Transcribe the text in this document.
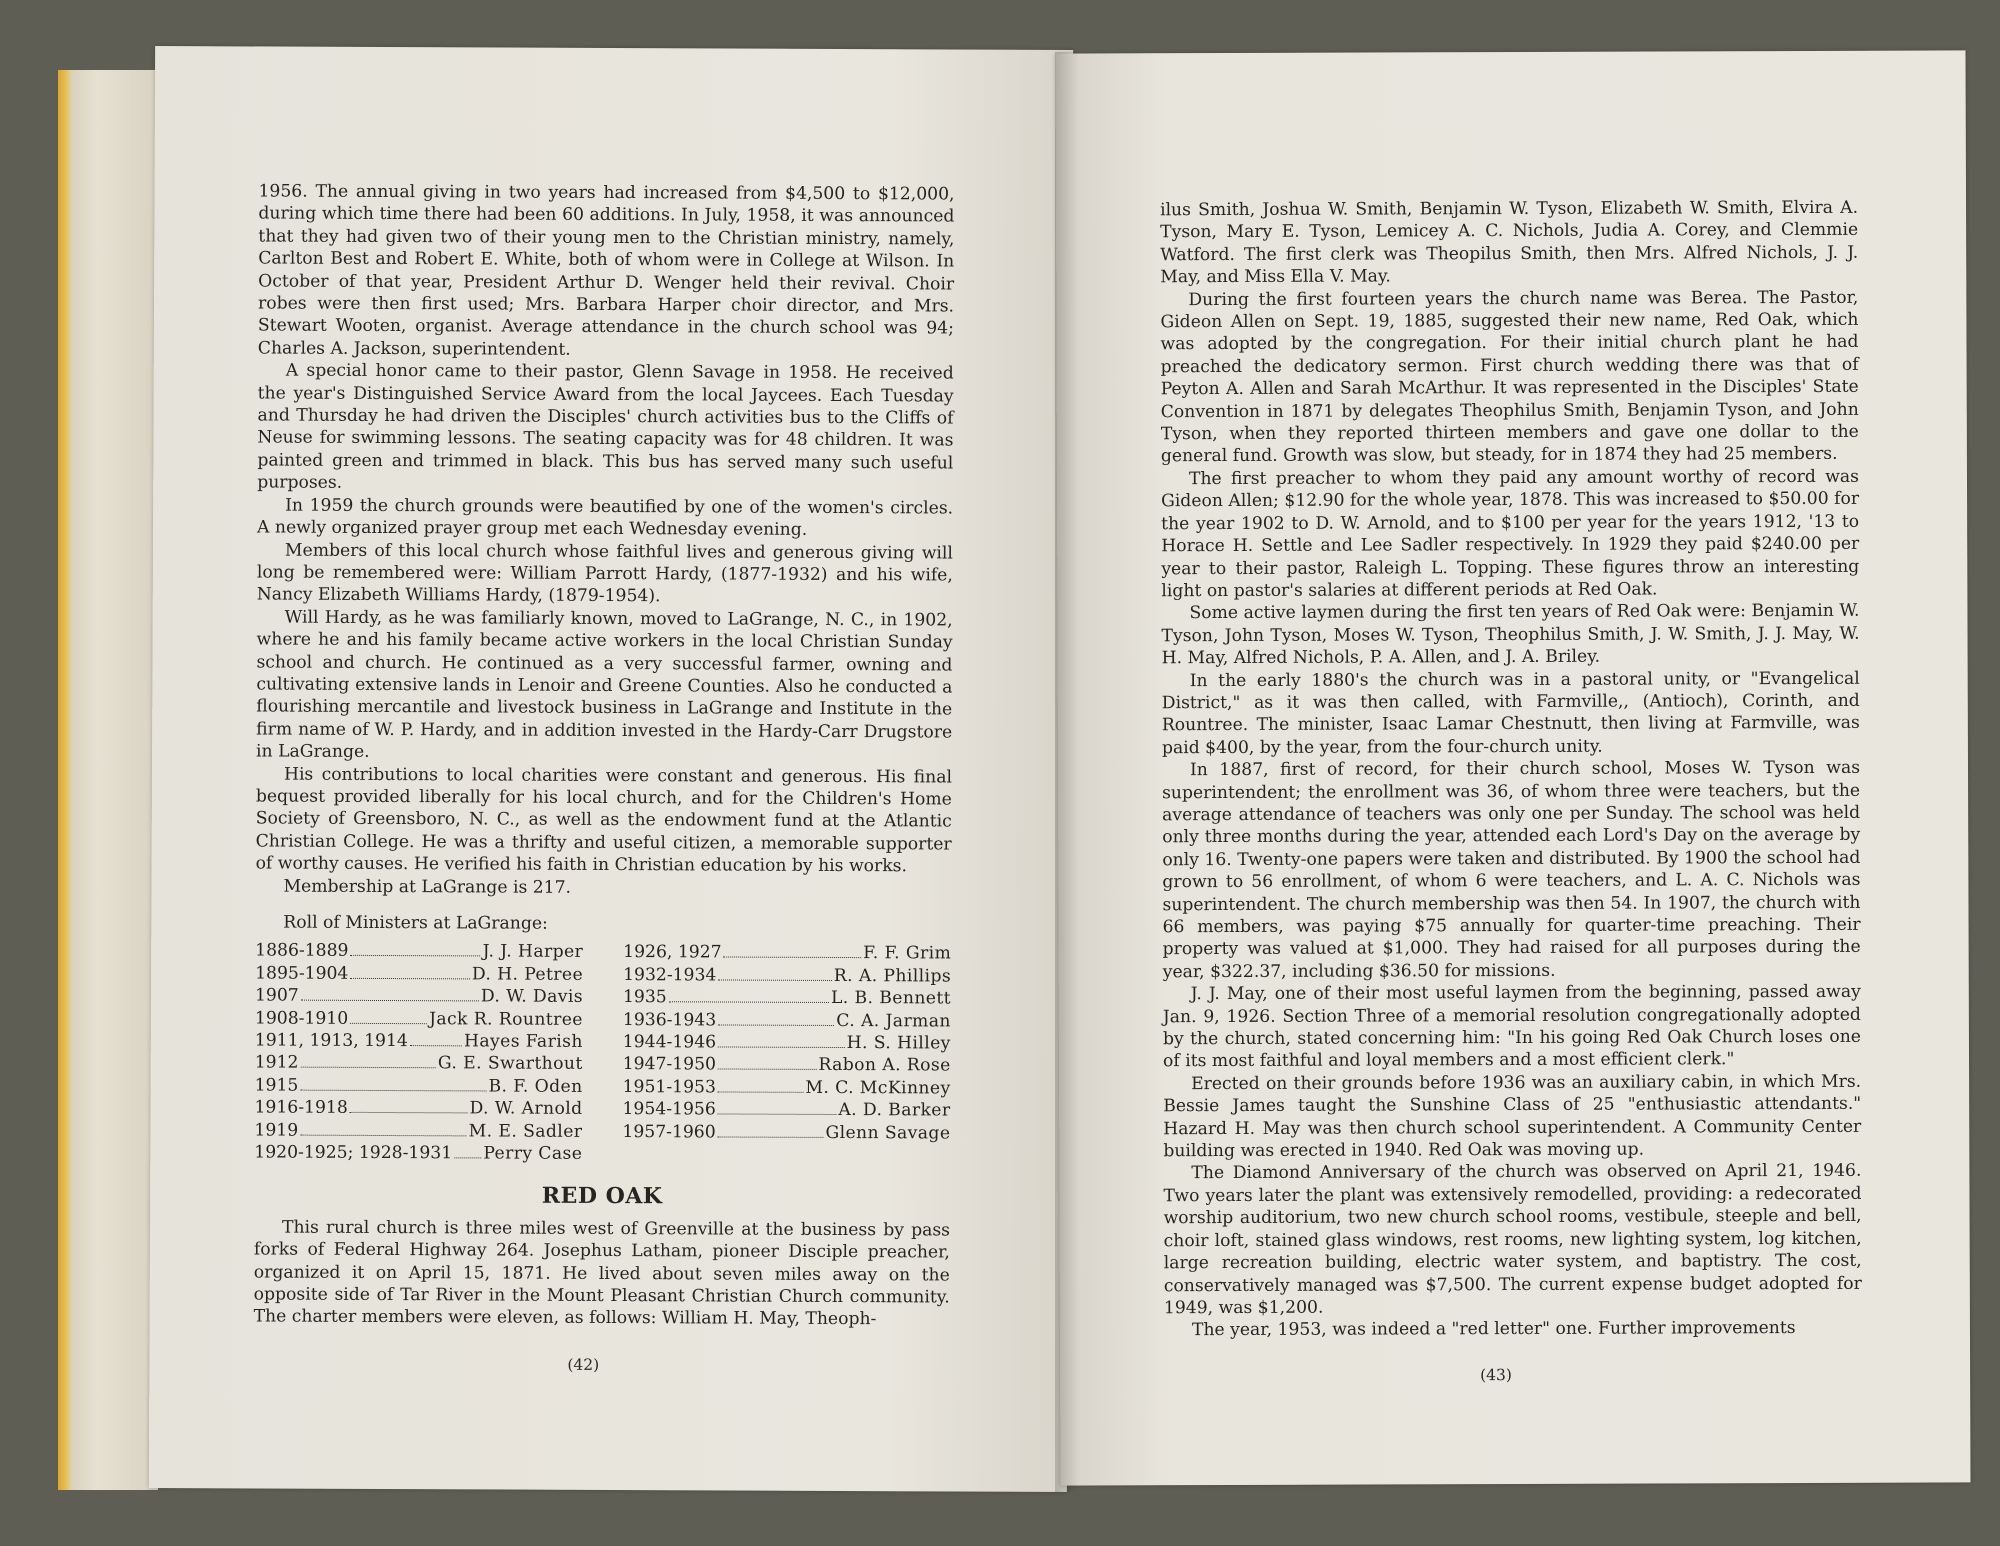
1956. The annual giving in two years had increased from $4,500 to $12,000, during which time there had been 60 additions. In July, 1958, it was announced that they had given two of their young men to the Christian ministry, namely, Carlton Best and Robert E. White, both of whom were in College at Wilson. In October of that year, President Arthur D. Wenger held their revival. Choir robes were then first used; Mrs. Barbara Harper choir director, and Mrs. Stewart Wooten, organist. Average attendance in the church school was 94; Charles A. Jackson, superintendent.

A special honor came to their pastor, Glenn Savage in 1958. He received the year's Distinguished Service Award from the local Jaycees. Each Tuesday and Thursday he had driven the Disciples' church activities bus to the Cliffs of Neuse for swimming lessons. The seating capacity was for 48 children. It was painted green and trimmed in black. This bus has served many such useful purposes.

In 1959 the church grounds were beautified by one of the women's circles. A newly organized prayer group met each Wednesday evening.

Members of this local church whose faithful lives and generous giving will long be remembered were: William Parrott Hardy, (1877-1932) and his wife, Nancy Elizabeth Williams Hardy, (1879-1954).

Will Hardy, as he was familiarly known, moved to LaGrange, N. C., in 1902, where he and his family became active workers in the local Christian Sunday school and church. He continued as a very successful farmer, owning and cultivating extensive lands in Lenoir and Greene Counties. Also he conducted a flourishing mercantile and livestock business in LaGrange and Institute in the firm name of W. P. Hardy, and in addition invested in the Hardy-Carr Drugstore in LaGrange.

His contributions to local charities were constant and generous. His final bequest provided liberally for his local church, and for the Children's Home Society of Greensboro, N. C., as well as the endowment fund at the Atlantic Christian College. He was a thrifty and useful citizen, a memorable supporter of worthy causes. He verified his faith in Christian education by his works.

Membership at LaGrange is 217.

Roll of Ministers at LaGrange:

1886-1889	J. J. Harper
1895-1904	D. H. Petree
1907	D. W. Davis
1908-1910	Jack R. Rountree
1911, 1913, 1914	Hayes Farish
1912	G. E. Swarthout
1915	B. F. Oden
1916-1918	D. W. Arnold
1919	M. E. Sadler
1920-1925; 1928-1931 Perry Case
1926, 1927	F. F. Grim
1932-1934	R. A. Phillips
1935	L. B. Bennett
1936-1943	C. A. Jarman
1944-1946	H. S. Hilley
1947-1950	Rabon A. Rose
1951-1953	M. C. McKinney
1954-1956	A. D. Barker
1957-1960	Glenn Savage
RED OAK

This rural church is three miles west of Greenville at the business by pass forks of Federal Highway 264. Josephus Latham, pioneer Disciple preacher, organized it on April 15, 1871. He lived about seven miles away on the opposite side of Tar River in the Mount Pleasant Christian Church community. The charter members were eleven, as follows: William H. May, Theoph-

(42)

ilus Smith, Joshua W. Smith, Benjamin W. Tyson, Elizabeth W. Smith, Elvira A. Tyson, Mary E. Tyson, Lemicey A. C. Nichols, Judia A. Corey, and Clemmie Watford. The first clerk was Theopilus Smith, then Mrs. Alfred Nichols, J. J. May, and Miss Ella V. May.

During the first fourteen years the church name was Berea. The Pastor, Gideon Allen on Sept. 19, 1885, suggested their new name, Red Oak, which was adopted by the congregation. For their initial church plant he had preached the dedicatory sermon. First church wedding there was that of Peyton A. Allen and Sarah McArthur. It was represented in the Disciples' State Convention in 1871 by delegates Theophilus Smith, Benjamin Tyson, and John Tyson, when they reported thirteen members and gave one dollar to the general fund. Growth was slow, but steady, for in 1874 they had 25 members.

The first preacher to whom they paid any amount worthy of record was Gideon Allen; $12.90 for the whole year, 1878. This was increased to $50.00 for the year 1902 to D. W. Arnold, and to $100 per year for the years 1912, '13 to Horace H. Settle and Lee Sadler respectively. In 1929 they paid $240.00 per year to their pastor, Raleigh L. Topping. These figures throw an interesting light on pastor's salaries at different periods at Red Oak.

Some active laymen during the first ten years of Red Oak were: Benjamin W. Tyson, John Tyson, Moses W. Tyson, Theophilus Smith, J. W. Smith, J. J. May, W. H. May, Alfred Nichols, P. A. Allen, and J. A. Briley.

In the early 1880's the church was in a pastoral unity, or "Evangelical District," as it was then called, with Farmville,, (Antioch), Corinth, and Rountree. The minister, Isaac Lamar Chestnutt, then living at Farmville, was paid $400, by the year, from the four-church unity.

In 1887, first of record, for their church school, Moses W. Tyson was superintendent; the enrollment was 36, of whom three were teachers, but the average attendance of teachers was only one per Sunday. The school was held only three months during the year, attended each Lord's Day on the average by only 16. Twenty-one papers were taken and distributed. By 1900 the school had grown to 56 enrollment, of whom 6 were teachers, and L. A. C. Nichols was superintendent. The church membership was then 54. In 1907, the church with 66 members, was paying $75 annually for quarter-time preaching. Their property was valued at $1,000. They had raised for all purposes during the year, $322.37, including $36.50 for missions.

J. J. May, one of their most useful laymen from the beginning, passed away Jan. 9, 1926. Section Three of a memorial resolution congregationally adopted by the church, stated concerning him: "In his going Red Oak Church loses one of its most faithful and loyal members and a most efficient clerk."

Erected on their grounds before 1936 was an auxiliary cabin, in which Mrs. Bessie James taught the Sunshine Class of 25 "enthusiastic attendants." Hazard H. May was then church school superintendent. A Community Center building was erected in 1940. Red Oak was moving up.

The Diamond Anniversary of the church was observed on April 21, 1946. Two years later the plant was extensively remodelled, providing: a redecorated worship auditorium, two new church school rooms, vestibule, steeple and bell, choir loft, stained glass windows, rest rooms, new lighting system, log kitchen, large recreation building, electric water system, and baptistry. The cost, conservatively managed was $7,500. The current expense budget adopted for 1949, was $1,200.

The year, 1953, was indeed a "red letter" one. Further improvements

(43)
